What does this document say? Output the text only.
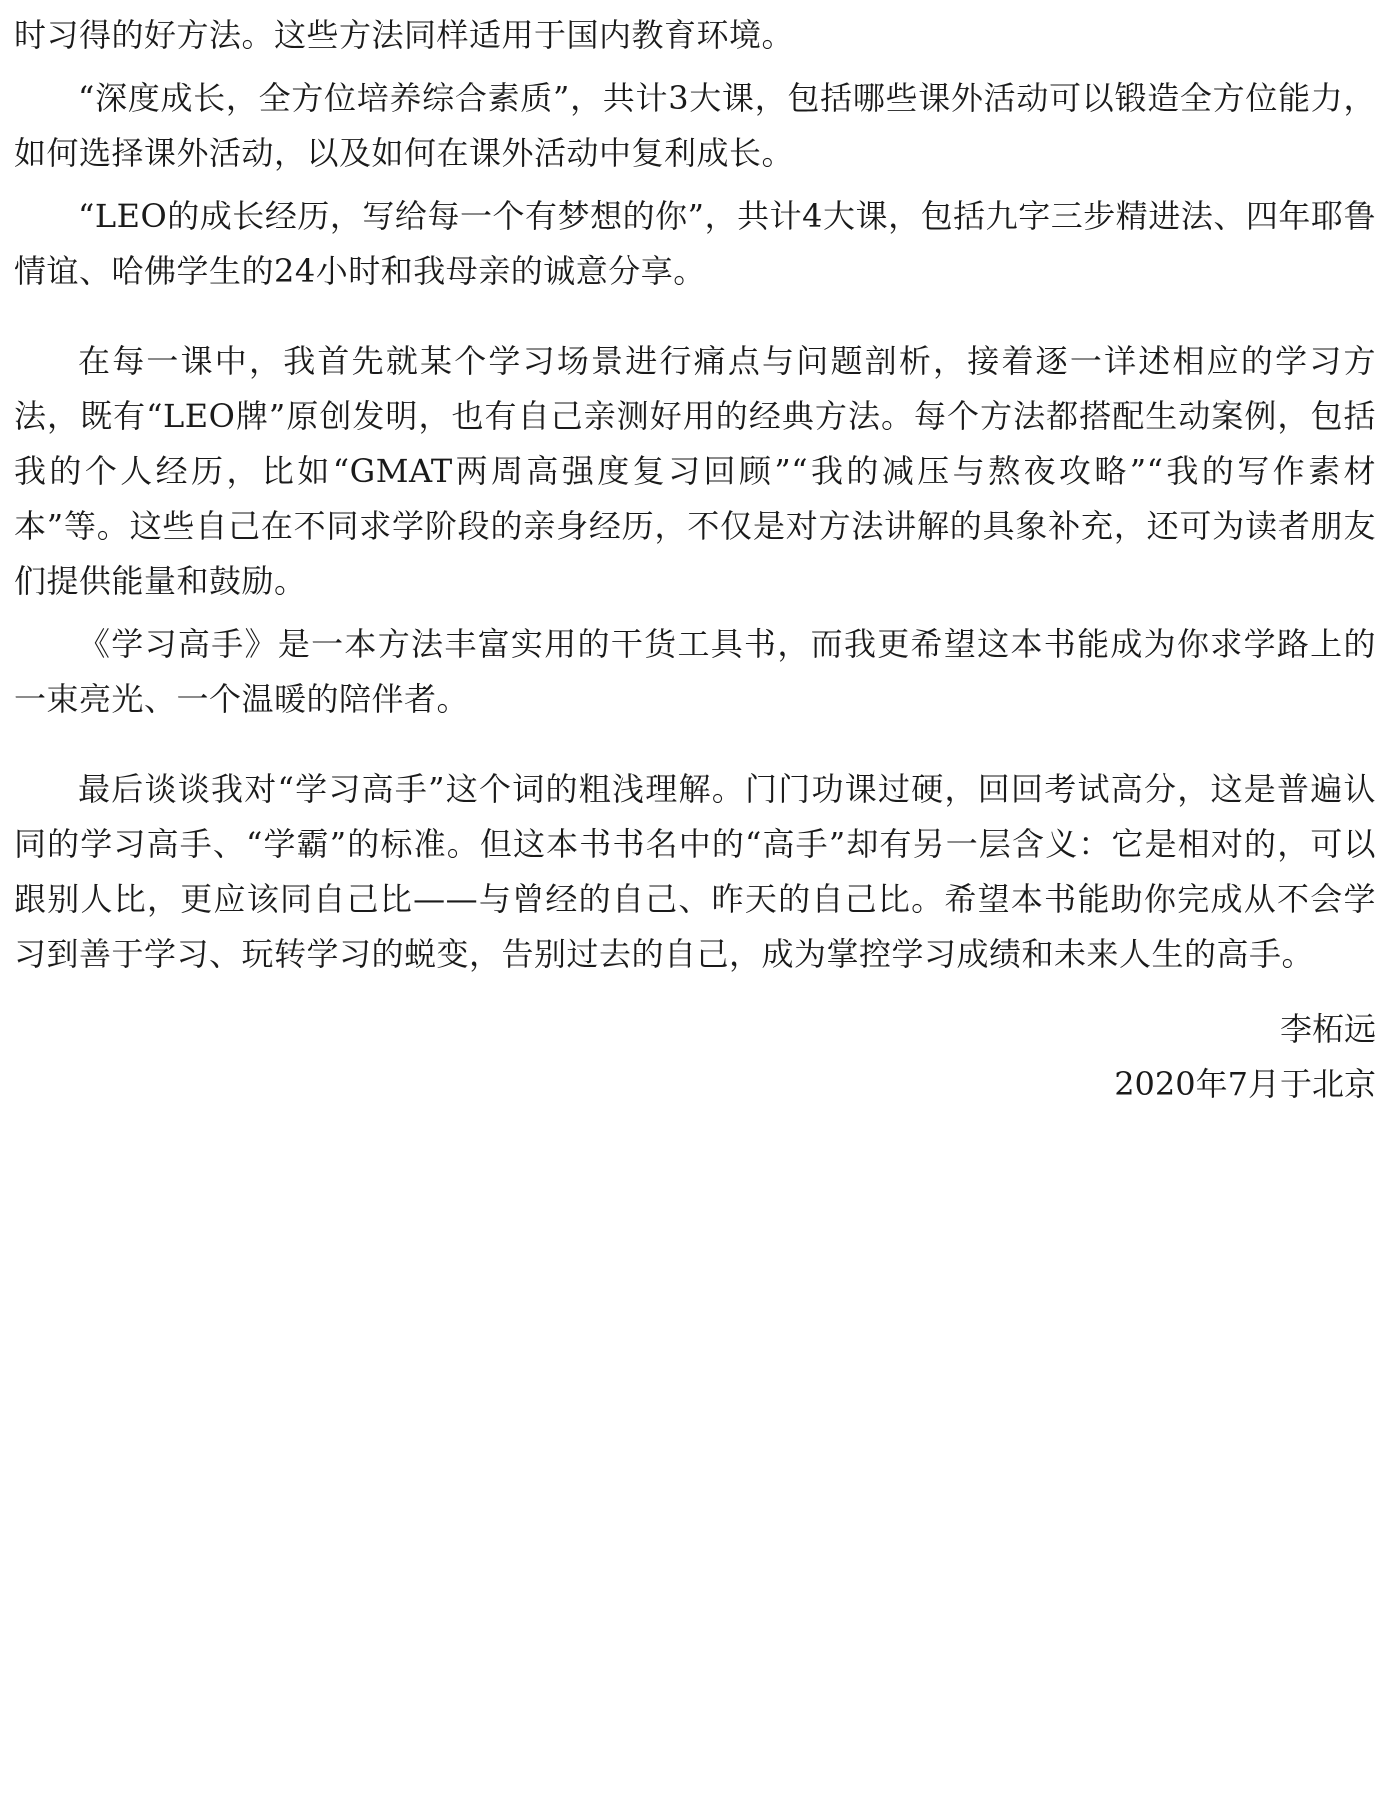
时习得的好方法。这些方法同样适用于国内教育环境。

“深度成长，全方位培养综合素质”，共计3大课，包括哪些课外活动可以锻造全方位能力，如何选择课外活动，以及如何在课外活动中复利成长。

“LEO的成长经历，写给每一个有梦想的你”，共计4大课，包括九字三步精进法、四年耶鲁情谊、哈佛学生的24小时和我母亲的诚意分享。

在每一课中，我首先就某个学习场景进行痛点与问题剖析，接着逐一详述相应的学习方法，既有“LEO牌”原创发明，也有自己亲测好用的经典方法。每个方法都搭配生动案例，包括我的个人经历，比如“GMAT两周高强度复习回顾”“我的减压与熬夜攻略”“我的写作素材本”等。这些自己在不同求学阶段的亲身经历，不仅是对方法讲解的具象补充，还可为读者朋友们提供能量和鼓励。

《学习高手》是一本方法丰富实用的干货工具书，而我更希望这本书能成为你求学路上的一束亮光、一个温暖的陪伴者。

最后谈谈我对“学习高手”这个词的粗浅理解。门门功课过硬，回回考试高分，这是普遍认同的学习高手、“学霸”的标准。但这本书书名中的“高手”却有另一层含义：它是相对的，可以跟别人比，更应该同自己比——与曾经的自己、昨天的自己比。希望本书能助你完成从不会学习到善于学习、玩转学习的蜕变，告别过去的自己，成为掌控学习成绩和未来人生的高手。

李柘远
2020年7月于北京
